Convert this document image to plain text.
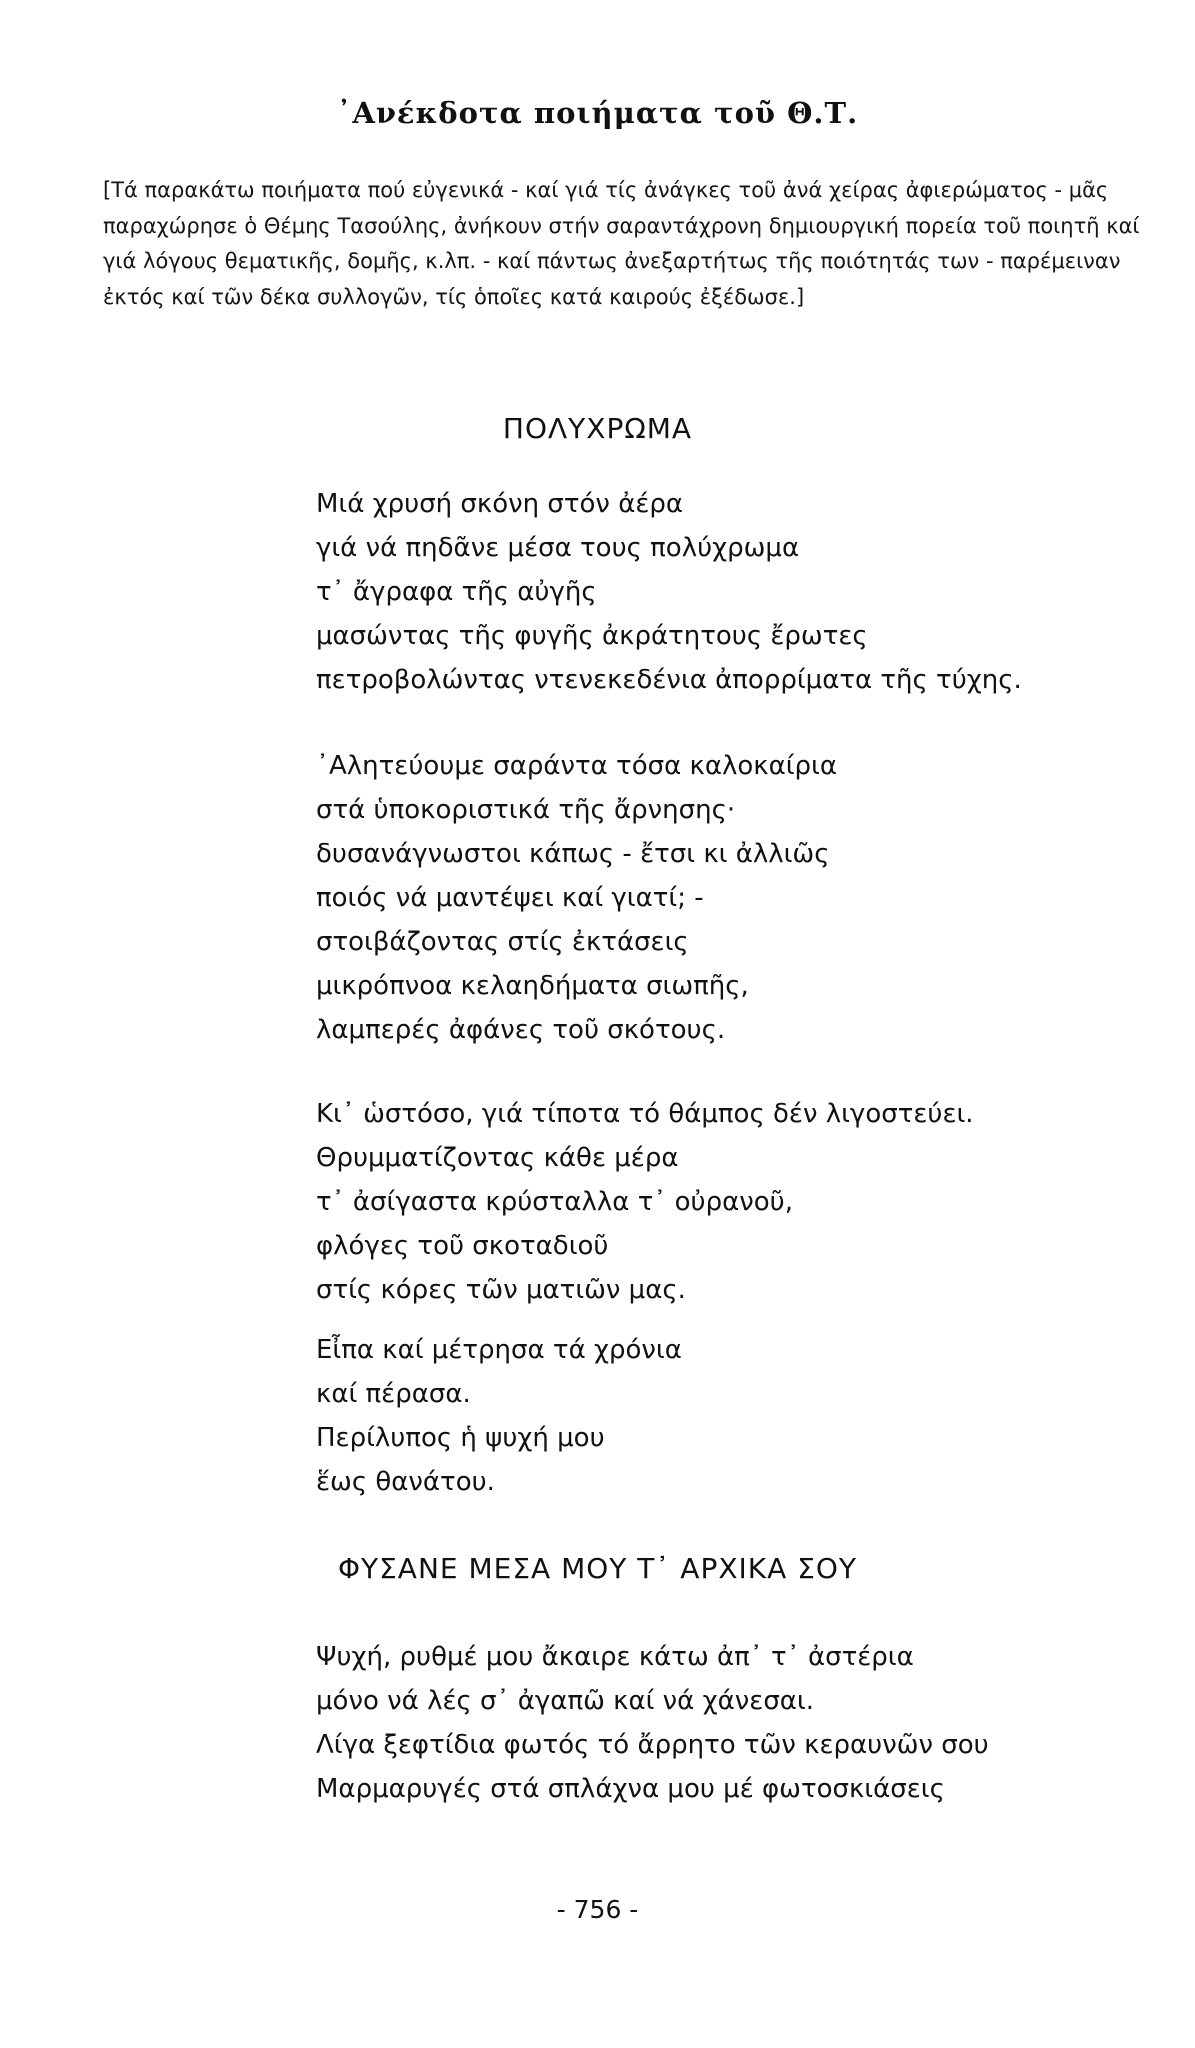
᾿Ανέκδοτα ποιήματα τοῦ Θ.Τ.
[Τά παρακάτω ποιήματα πού εὐγενικά - καί γιά τίς ἀνάγκες τοῦ ἀνά χείρας ἀφιερώματος - μᾶς
παραχώρησε ὁ Θέμης Τασούλης, ἀνήκουν στήν σαραντάχρονη δημιουργική πορεία τοῦ ποιητῆ καί
γιά λόγους θεματικῆς, δομῆς, κ.λπ. - καί πάντως ἀνεξαρτήτως τῆς ποιότητάς των - παρέμειναν
ἐκτός καί τῶν δέκα συλλογῶν, τίς ὁποῖες κατά καιρούς ἐξέδωσε.]
ΠΟΛΥΧΡΩΜΑ
Μιά χρυσή σκόνη στόν ἀέρα
γιά νά πηδᾶνε μέσα τους πολύχρωμα
τ᾿ ἄγραφα τῆς αὐγῆς
μασώντας τῆς φυγῆς ἀκράτητους ἔρωτες
πετροβολώντας ντενεκεδένια ἀπορρίματα τῆς τύχης.
᾿Αλητεύουμε σαράντα τόσα καλοκαίρια
στά ὑποκοριστικά τῆς ἄρνησης·
δυσανάγνωστοι κάπως - ἔτσι κι ἀλλιῶς
ποιός νά μαντέψει καί γιατί; -
στοιβάζοντας στίς ἐκτάσεις
μικρόπνοα κελαηδήματα σιωπῆς,
λαμπερές ἀφάνες τοῦ σκότους.
Κι᾿ ὡστόσο, γιά τίποτα τό θάμπος δέν λιγοστεύει.
Θρυμματίζοντας κάθε μέρα
τ᾿ ἀσίγαστα κρύσταλλα τ᾿ οὐρανοῦ,
φλόγες τοῦ σκοταδιοῦ
στίς κόρες τῶν ματιῶν μας.
Εἶπα καί μέτρησα τά χρόνια
καί πέρασα.
Περίλυπος ἡ ψυχή μου
ἕως θανάτου.
ΦΥΣΑΝΕ ΜΕΣΑ ΜΟΥ Τ᾿ ΑΡΧΙΚΑ ΣΟΥ
Ψυχή, ρυθμέ μου ἄκαιρε κάτω ἀπ᾿ τ᾿ ἀστέρια
μόνο νά λές σ᾿ ἀγαπῶ καί νά χάνεσαι.
Λίγα ξεφτίδια φωτός τό ἄρρητο τῶν κεραυνῶν σου
Μαρμαρυγές στά σπλάχνα μου μέ φωτοσκιάσεις
- 756 -
